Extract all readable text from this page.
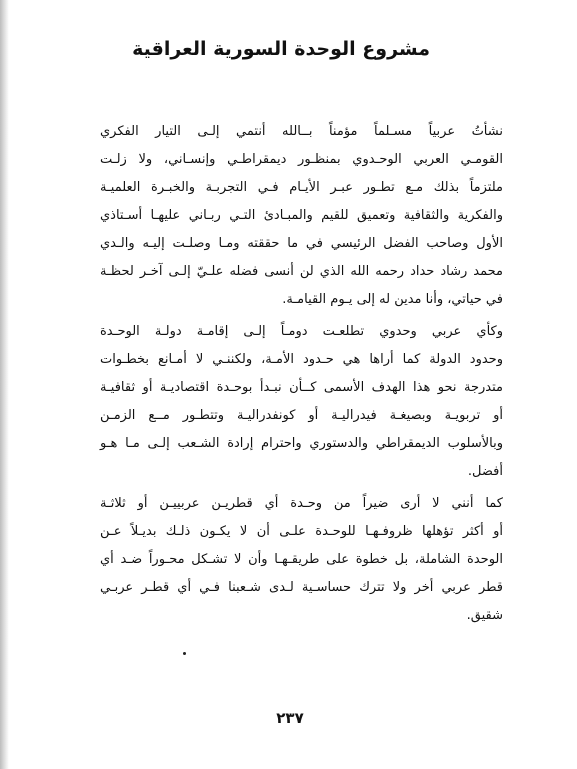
مشروع الوحدة السورية العراقية
نشأتُ عربياً مسـلماً مؤمناً بــالله أنتمي إلـى التيار الفكري
القومـي العربي الوحـدوي بمنظـور ديمقراطـي وإنسـاني، ولا زلـت
ملتزماً بذلك مـع تطـور عبـر الأيـام فـي التجربـة والخبـرة العلميـة
والفكرية والثقافية وتعميق للقيم والمبـادئ التـي ربـاني عليهـا أسـتاذي
الأول وصاحب الفضل الرئيسي في ما حققته ومـا وصلـت إليـه والـدي
محمد رشاد حداد رحمه الله الذي لن أنسى فضله علـيّ إلـى آخـر لحظـة
في حياتي، وأنا مدين له إلى يـوم القيامـة.
وكأي عربي وحدوي تطلعـت دومـاً إلـى إقامـة دولـة الوحـدة
وحدود الدولة كما أراها هي حـدود الأمـة، ولكننـي لا أمـانع بخطـوات
متدرجة نحو هذا الهدف الأسمى كــأن نبـدأ بوحـدة اقتصاديـة أو ثقافيـة
أو تربويـة وبصيغـة فيدراليـة أو كونفدراليـة وتتطـور مــع الزمـن
وبالأسلوب الديمقراطي والدستوري واحترام إرادة الشـعب إلـى مـا هـو
أفضل.
كما أنني لا أرى ضيراً من وحـدة أي قطريـن عربييـن أو ثلاثـة
أو أكثر تؤهلها ظروفـهـا للوحـدة علـى أن لا يكـون ذلـك بديـلاً عـن
الوحدة الشاملة، بل خطوة على طريقـهـا وأن لا تشـكل محـوراً ضـد أي
قطر عربي أخر ولا تترك حساسـية لـدى شـعبنا فـي أي قطـر عربـي
شقيق.
٢٣٧
